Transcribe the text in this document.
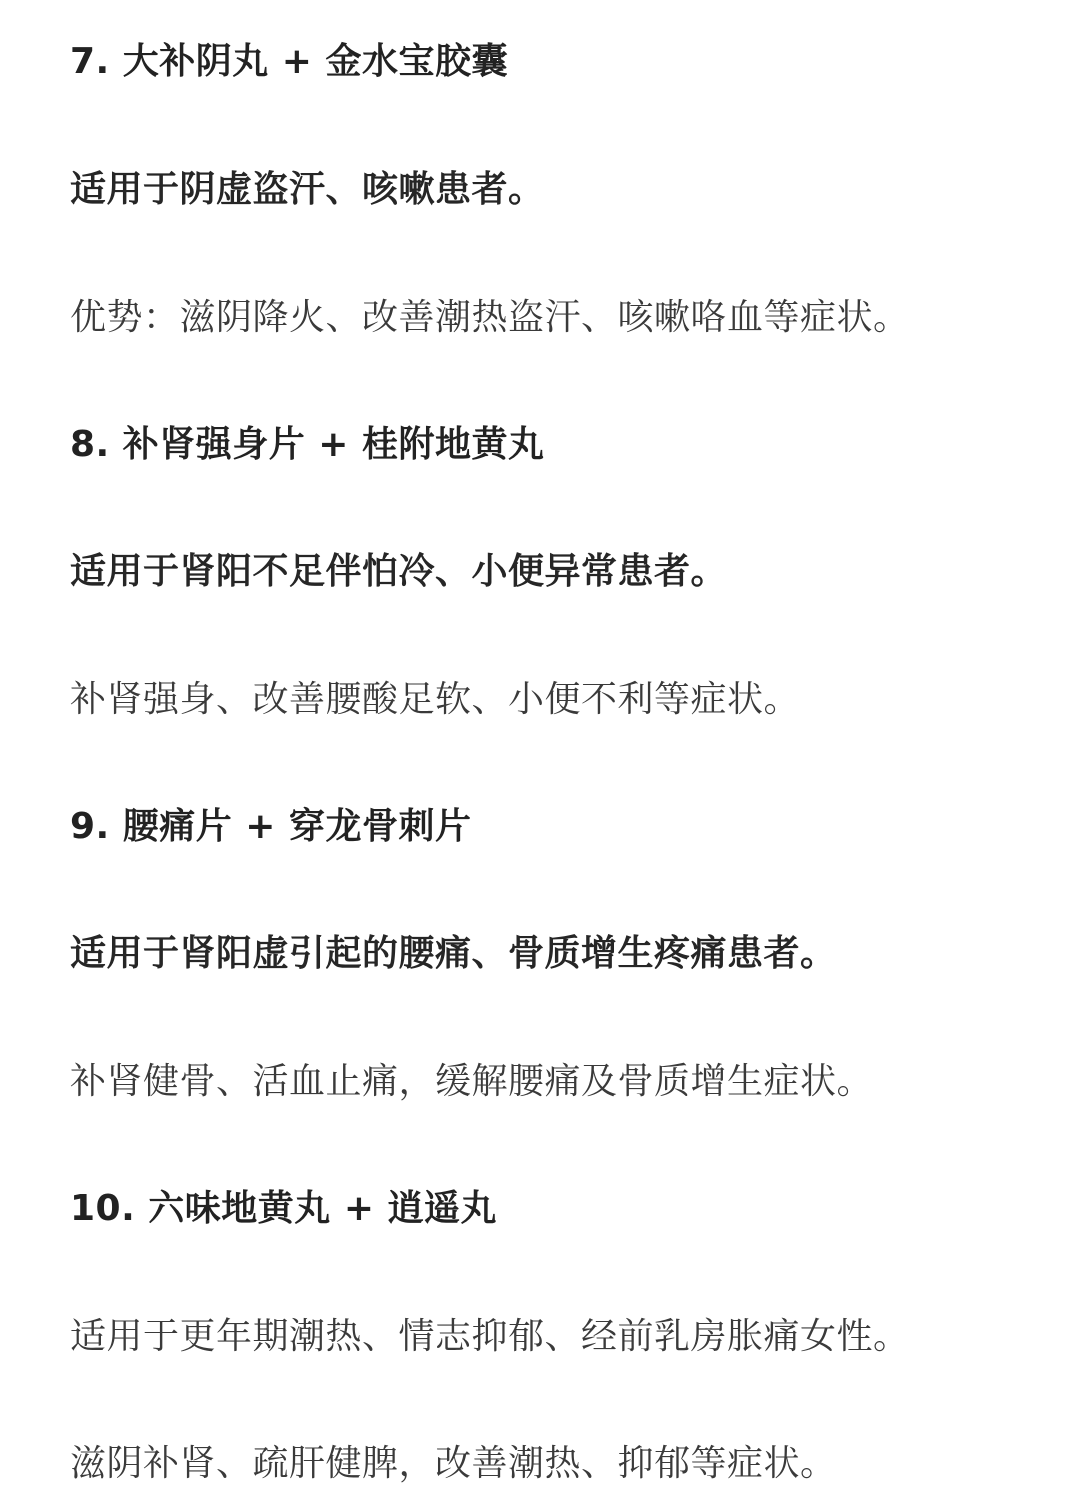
7. 大补阴丸 + 金水宝胶囊
适用于阴虚盗汗、咳嗽患者。
优势：滋阴降火、改善潮热盗汗、咳嗽咯血等症状。
8. 补肾强身片 + 桂附地黄丸
适用于肾阳不足伴怕冷、小便异常患者。
补肾强身、改善腰酸足软、小便不利等症状。
9. 腰痛片 + 穿龙骨刺片
适用于肾阳虚引起的腰痛、骨质增生疼痛患者。
补肾健骨、活血止痛，缓解腰痛及骨质增生症状。
10. 六味地黄丸 + 逍遥丸
适用于更年期潮热、情志抑郁、经前乳房胀痛女性。
滋阴补肾、疏肝健脾，改善潮热、抑郁等症状。
